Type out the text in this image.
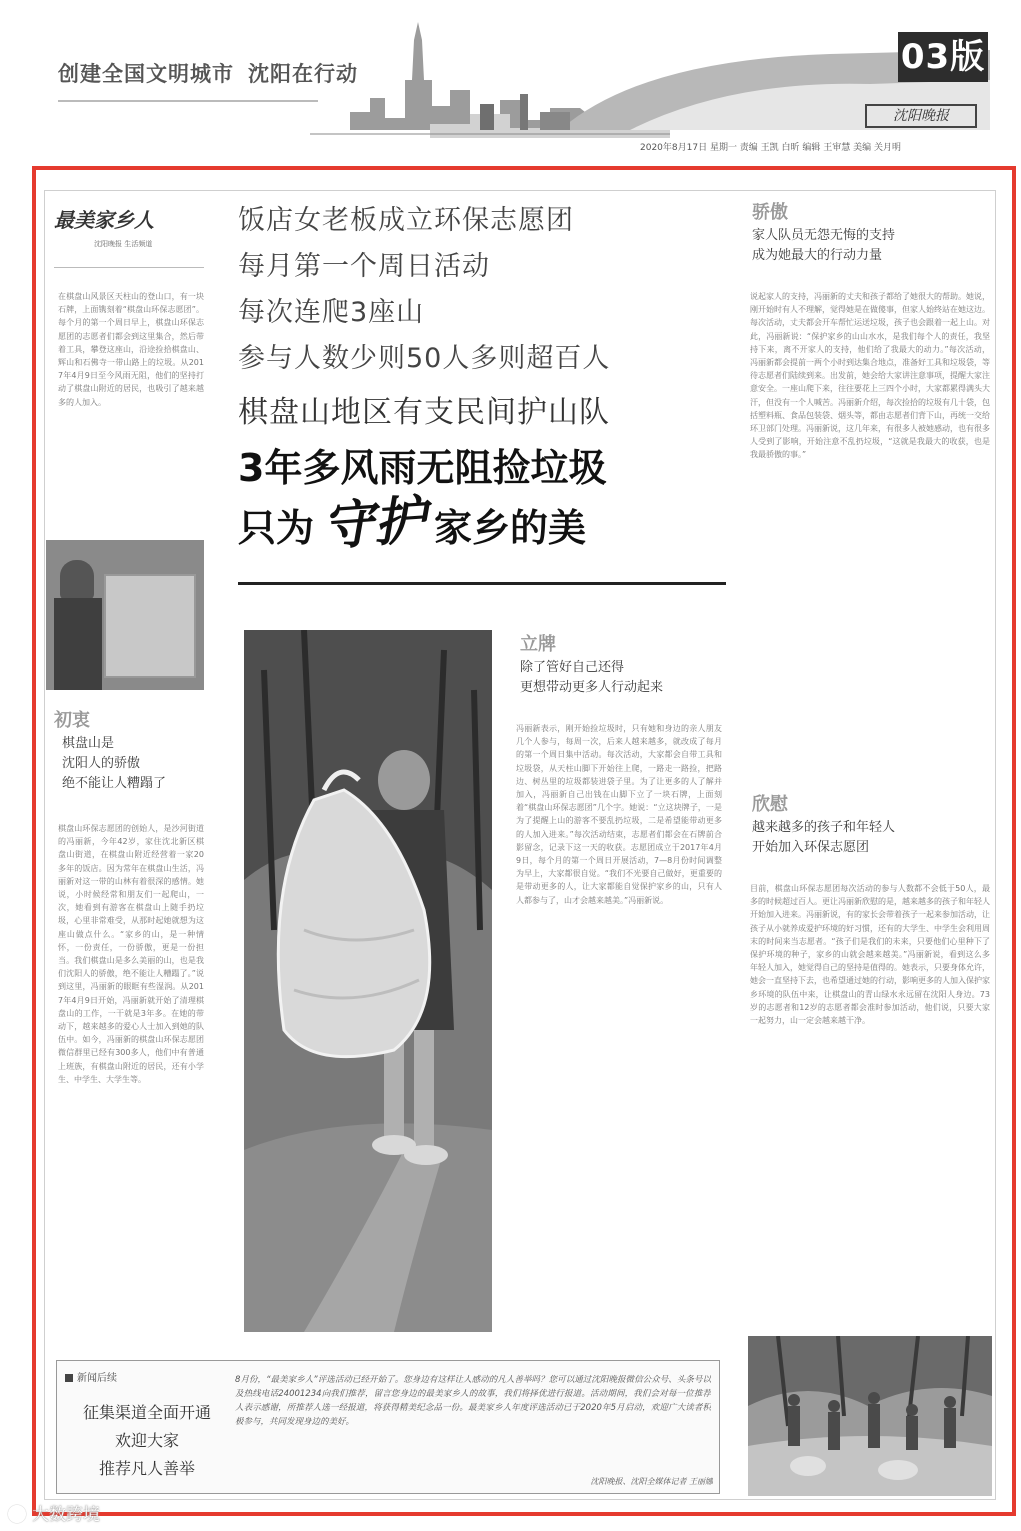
创建全国文明城市 沈阳在行动	03版
沈阳晚报
2020年8月17日 星期一 责编 王凯 白昕 编辑 王审慧 美编 关月明
最美家乡人
沈阳晚报 生活频道
在棋盘山风景区天柱山的登山口，有一块石牌，上面镌刻着“棋盘山环保志愿团”。每个月的第一个周日早上，棋盘山环保志愿团的志愿者们都会到这里集合，然后带着工具，攀登这座山，沿途捡拾棋盘山、辉山和石佛寺一带山路上的垃圾。从2017年4月9日至今风雨无阻，他们的坚持打动了棋盘山附近的居民，也吸引了越来越多的人加入。
初衷
棋盘山是
沈阳人的骄傲
绝不能让人糟蹋了
棋盘山环保志愿团的创始人，是沙河街道的冯丽新，今年42岁，家住沈北新区棋盘山街道，在棋盘山附近经营着一家20多年的饭店。因为常年在棋盘山生活，冯丽新对这一带的山林有着很深的感情。她说，小时候经常和朋友们一起爬山，一次，她看到有游客在棋盘山上随手扔垃圾，心里非常难受，从那时起她就想为这座山做点什么。“家乡的山，是一种情怀，一份责任，一份骄傲，更是一份担当。我们棋盘山是多么美丽的山，也是我们沈阳人的骄傲，绝不能让人糟蹋了。”说到这里，冯丽新的眼眶有些湿润。从2017年4月9日开始，冯丽新就开始了清理棋盘山的工作，一干就是3年多。在她的带动下，越来越多的爱心人士加入到她的队伍中。如今，冯丽新的棋盘山环保志愿团微信群里已经有300多人，他们中有普通上班族，有棋盘山附近的居民，还有小学生、中学生、大学生等。
饭店女老板成立环保志愿团
每月第一个周日活动
每次连爬3座山
参与人数少则50人多则超百人
棋盘山地区有支民间护山队
3年多风雨无阻捡垃圾
只为 守护 家乡的美
立牌
除了管好自己还得
更想带动更多人行动起来
冯丽新表示，刚开始捡垃圾时，只有她和身边的亲人朋友几个人参与，每周一次，后来人越来越多，就改成了每月的第一个周日集中活动。每次活动，大家都会自带工具和垃圾袋，从天柱山脚下开始往上爬，一路走一路捡，把路边、树丛里的垃圾都装进袋子里。为了让更多的人了解并加入，冯丽新自己出钱在山脚下立了一块石牌，上面刻着“棋盘山环保志愿团”几个字。她说：“立这块牌子，一是为了提醒上山的游客不要乱扔垃圾，二是希望能带动更多的人加入进来。”每次活动结束，志愿者们都会在石牌前合影留念，记录下这一天的收获。志愿团成立于2017年4月9日，每个月的第一个周日开展活动，7—8月份时间调整为早上，大家都很自觉。“我们不光要自己做好，更重要的是带动更多的人，让大家都能自觉保护家乡的山，只有人人都参与了，山才会越来越美。”冯丽新说。
骄傲
家人队员无怨无悔的支持
成为她最大的行动力量
说起家人的支持，冯丽新的丈夫和孩子都给了她很大的帮助。她说，刚开始时有人不理解，觉得她是在做傻事，但家人始终站在她这边。每次活动，丈夫都会开车帮忙运送垃圾，孩子也会跟着一起上山。对此，冯丽新说：“保护家乡的山山水水，是我们每个人的责任，我坚持下来，离不开家人的支持，他们给了我最大的动力。”每次活动，冯丽新都会提前一两个小时到达集合地点，准备好工具和垃圾袋，等待志愿者们陆续到来。出发前，她会给大家讲注意事项，提醒大家注意安全。一座山爬下来，往往要花上三四个小时，大家都累得满头大汗，但没有一个人喊苦。冯丽新介绍，每次捡拾的垃圾有几十袋，包括塑料瓶、食品包装袋、烟头等，都由志愿者们背下山，再统一交给环卫部门处理。冯丽新说，这几年来，有很多人被她感动，也有很多人受到了影响，开始注意不乱扔垃圾，“这就是我最大的收获，也是我最骄傲的事。”
欣慰
越来越多的孩子和年轻人
开始加入环保志愿团
目前，棋盘山环保志愿团每次活动的参与人数都不会低于50人，最多的时候超过百人。更让冯丽新欣慰的是，越来越多的孩子和年轻人开始加入进来。冯丽新说，有的家长会带着孩子一起来参加活动，让孩子从小就养成爱护环境的好习惯，还有的大学生、中学生会利用周末的时间来当志愿者。“孩子们是我们的未来，只要他们心里种下了保护环境的种子，家乡的山就会越来越美。”冯丽新说，看到这么多年轻人加入，她觉得自己的坚持是值得的。她表示，只要身体允许，她会一直坚持下去，也希望通过她的行动，影响更多的人加入保护家乡环境的队伍中来，让棋盘山的青山绿水永远留在沈阳人身边。73岁的志愿者和12岁的志愿者都会准时参加活动，他们说，只要大家一起努力，山一定会越来越干净。
新闻后续
征集渠道全面开通
欢迎大家
推荐凡人善举
8月份，“最美家乡人”评选活动已经开始了。您身边有这样让人感动的凡人善举吗？您可以通过沈阳晚报微信公众号、头条号以及热线电话24001234向我们推荐，留言您身边的最美家乡人的故事，我们将择优进行报道。活动期间，我们会对每一位推荐人表示感谢，所推荐人选一经报道，将获得精美纪念品一份。最美家乡人年度评选活动已于2020年5月启动，欢迎广大读者积极参与，共同发现身边的美好。
沈阳晚报、沈阳全媒体记者 王丽娜
大数跨境
